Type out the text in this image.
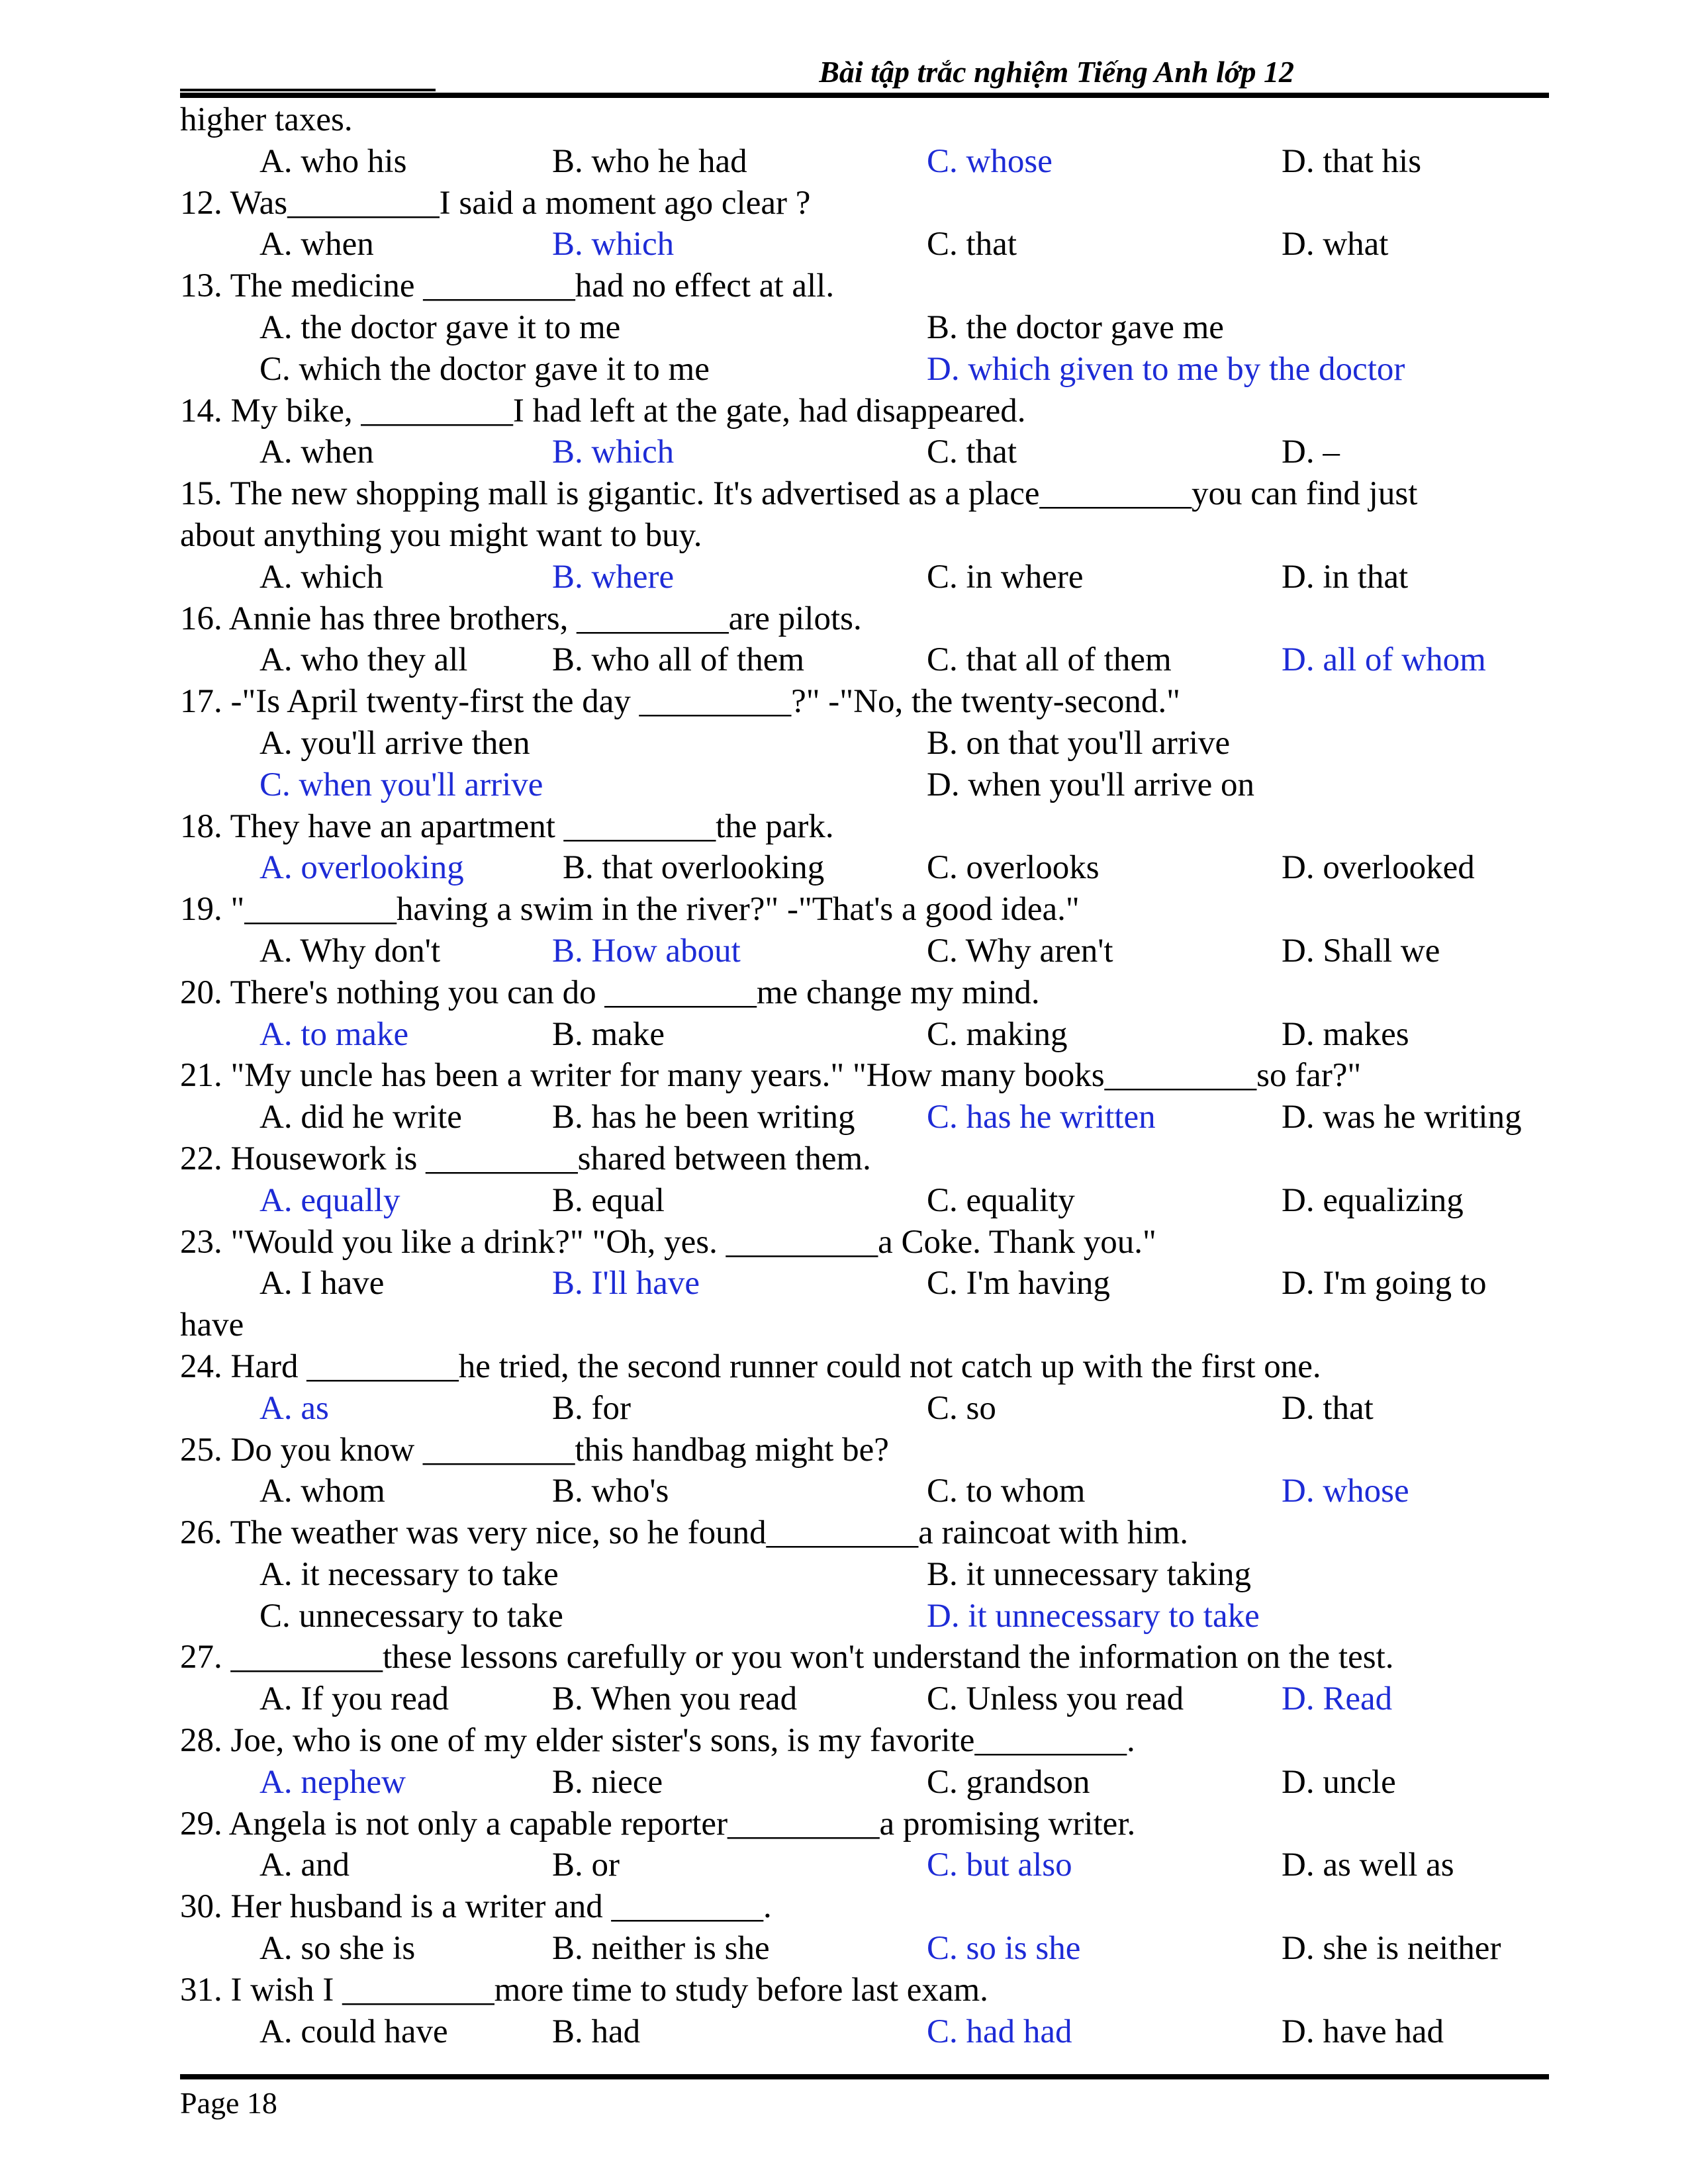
Bài tập trắc nghiệm Tiếng Anh lớp 12
higher taxes.
A. who his	B. who he had	C. whose	D. that his
12. Was_________I said a moment ago clear ?
A. when	B. which	C. that	D. what
13. The medicine _________had no effect at all.
A. the doctor gave it to me	B. the doctor gave me
C. which the doctor gave it to me	D. which given to me by the doctor
14. My bike, _________I had left at the gate, had disappeared.
A. when	B. which	C. that	D. –
15. The new shopping mall is gigantic. It's advertised as a place_________you can find just
about anything you might want to buy.
A. which	B. where	C. in where	D. in that
16. Annie has three brothers, _________are pilots.
A. who they all	B. who all of them	C. that all of them	D. all of whom
17. -"Is April twenty-first the day _________?" -"No, the twenty-second."
A. you'll arrive then	B. on that you'll arrive
C. when you'll arrive	D. when you'll arrive on
18. They have an apartment _________the park.
A. overlooking	B. that overlooking	C. overlooks	D. overlooked
19. "_________having a swim in the river?" -"That's a good idea."
A. Why don't	B. How about	C. Why aren't	D. Shall we
20. There's nothing you can do _________me change my mind.
A. to make	B. make	C. making	D. makes
21. "My uncle has been a writer for many years." "How many books_________so far?"
A. did he write	B. has he been writing C. has he written	D. was he writing
22. Housework is _________shared between them.
A. equally	B. equal	C. equality	D. equalizing
23. "Would you like a drink?" "Oh, yes. _________a Coke. Thank you."
A. I have	B. I'll have	C. I'm having	D. I'm going to
have
24. Hard _________he tried, the second runner could not catch up with the first one.
A. as	B. for	C. so	D. that
25. Do you know _________this handbag might be?
A. whom	B. who's	C. to whom	D. whose
26. The weather was very nice, so he found_________a raincoat with him.
A. it necessary to take	B. it unnecessary taking
C. unnecessary to take	D. it unnecessary to take
27. _________these lessons carefully or you won't understand the information on the test.
A. If you read	B. When you read	C. Unless you read	D. Read
28. Joe, who is one of my elder sister's sons, is my favorite_________.
A. nephew	B. niece	C. grandson	D. uncle
29. Angela is not only a capable reporter_________a promising writer.
A. and	B. or	C. but also	D. as well as
30. Her husband is a writer and _________.
A. so she is	B. neither is she	C. so is she	D. she is neither
31. I wish I _________more time to study before last exam.
A. could have	B. had	C. had had	D. have had
Page 18
